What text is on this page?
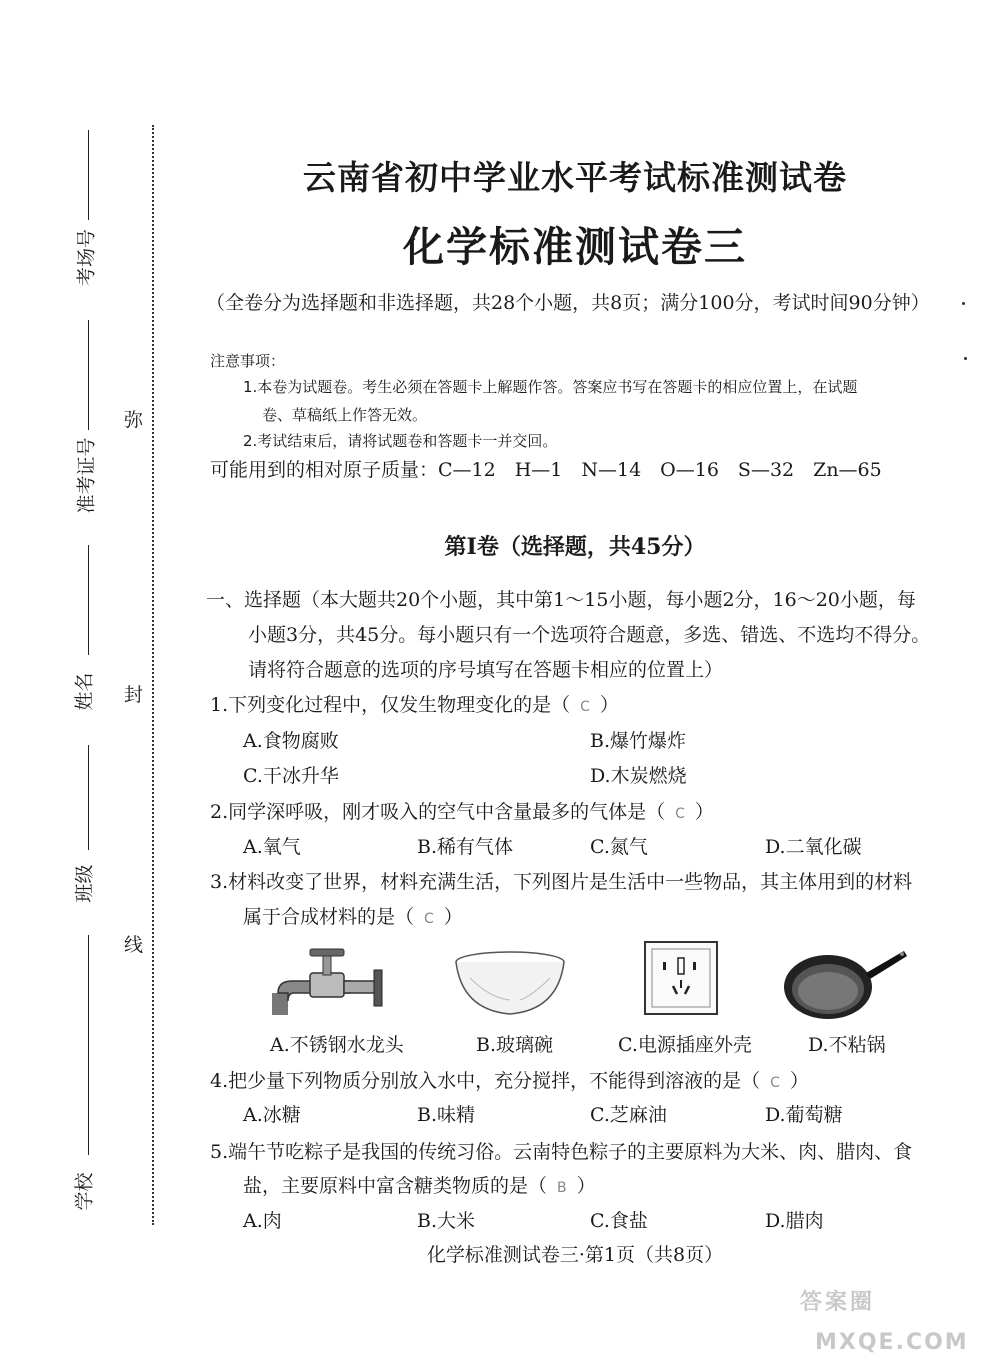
考场号
准考证号
姓名
班级
学校
弥
封
线
云南省初中学业水平考试标准测试卷
化学标准测试卷三
（全卷分为选择题和非选择题，共28个小题，共8页；满分100分，考试时间90分钟）
注意事项：
1.本卷为试题卷。考生必须在答题卡上解题作答。答案应书写在答题卡的相应位置上，在试题
卷、草稿纸上作答无效。
2.考试结束后，请将试题卷和答题卡一并交回。
可能用到的相对原子质量：C—12　H—1　N—14　O—16　S—32　Zn—65
第Ⅰ卷（选择题，共45分）
一、选择题（本大题共20个小题，其中第1～15小题，每小题2分，16～20小题，每
小题3分，共45分。每小题只有一个选项符合题意，多选、错选、不选均不得分。
请将符合题意的选项的序号填写在答题卡相应的位置上）
1.下列变化过程中，仅发生物理变化的是（ C ）
A.食物腐败	B.爆竹爆炸
C.干冰升华	D.木炭燃烧
2.同学深呼吸，刚才吸入的空气中含量最多的气体是（ C ）
A.氧气	B.稀有气体	C.氮气	D.二氧化碳
3.材料改变了世界，材料充满生活，下列图片是生活中一些物品，其主体用到的材料
属于合成材料的是（ C ）
A.不锈钢水龙头	B.玻璃碗	C.电源插座外壳	D.不粘锅
4.把少量下列物质分别放入水中，充分搅拌，不能得到溶液的是（ C ）
A.冰糖	B.味精	C.芝麻油	D.葡萄糖
5.端午节吃粽子是我国的传统习俗。云南特色粽子的主要原料为大米、肉、腊肉、食
盐，主要原料中富含糖类物质的是（ B ）
A.肉	B.大米	C.食盐	D.腊肉
化学标准测试卷三·第1页（共8页）
答案圈
MXQE.COM
